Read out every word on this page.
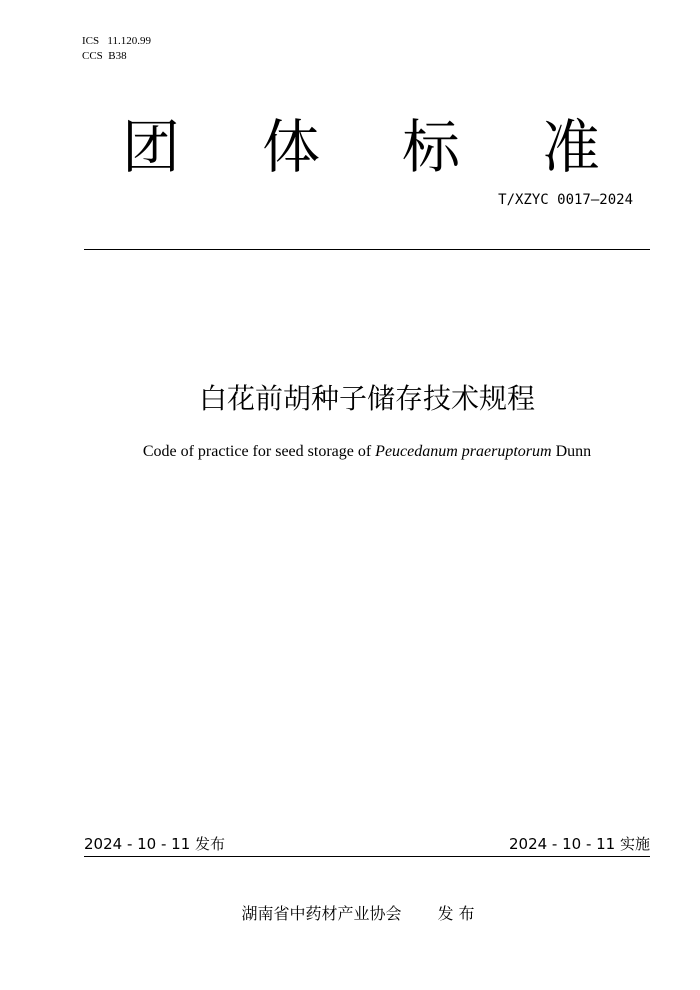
ICS   11.120.99
CCS  B38
团 体 标 准
T/XZYC 0017—2024
白花前胡种子储存技术规程
Code of practice for seed storage of Peucedanum praeruptorum Dunn
2024 - 10 - 11 发布	2024 - 10 - 11 实施
湖南省中药材产业协会 发 布
